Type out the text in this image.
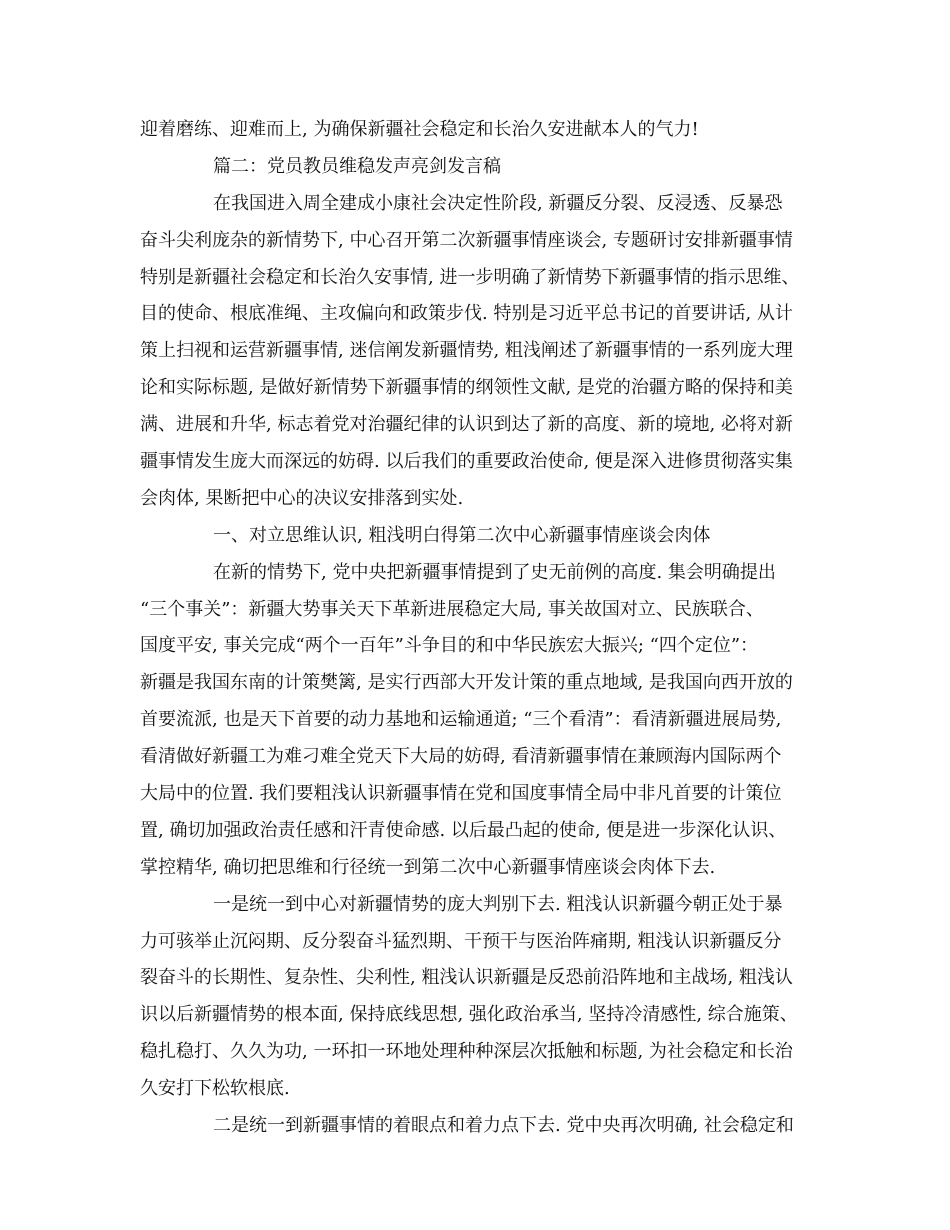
迎着磨练、迎难而上, 为确保新疆社会稳定和长治久安进献本人的气力!
篇二：党员教员维稳发声亮剑发言稿
在我国进入周全建成小康社会决定性阶段, 新疆反分裂、反浸透、反暴恐
奋斗尖利庞杂的新情势下, 中心召开第二次新疆事情座谈会, 专题研讨安排新疆事情
特别是新疆社会稳定和长治久安事情, 进一步明确了新情势下新疆事情的指示思维、
目的使命、根底准绳、主攻偏向和政策步伐. 特别是习近平总书记的首要讲话, 从计
策上扫视和运营新疆事情, 迷信阐发新疆情势, 粗浅阐述了新疆事情的一系列庞大理
论和实际标题, 是做好新情势下新疆事情的纲领性文献, 是党的治疆方略的保持和美
满、进展和升华, 标志着党对治疆纪律的认识到达了新的高度、新的境地, 必将对新
疆事情发生庞大而深远的妨碍. 以后我们的重要政治使命, 便是深入进修贯彻落实集
会肉体, 果断把中心的决议安排落到实处.
一、对立思维认识, 粗浅明白得第二次中心新疆事情座谈会肉体
在新的情势下, 党中央把新疆事情提到了史无前例的高度. 集会明确提出
“三个事关”：新疆大势事关天下革新进展稳定大局, 事关故国对立、民族联合、
国度平安, 事关完成“两个一百年”斗争目的和中华民族宏大振兴; “四个定位”：
新疆是我国东南的计策樊篱, 是实行西部大开发计策的重点地域, 是我国向西开放的
首要流派, 也是天下首要的动力基地和运输通道; “三个看清”：看清新疆进展局势,
看清做好新疆工为难刁难全党天下大局的妨碍, 看清新疆事情在兼顾海内国际两个
大局中的位置. 我们要粗浅认识新疆事情在党和国度事情全局中非凡首要的计策位
置, 确切加强政治责任感和汗青使命感. 以后最凸起的使命, 便是进一步深化认识、
掌控精华, 确切把思维和行径统一到第二次中心新疆事情座谈会肉体下去.
一是统一到中心对新疆情势的庞大判别下去. 粗浅认识新疆今朝正处于暴
力可骇举止沉闷期、反分裂奋斗猛烈期、干预干与医治阵痛期, 粗浅认识新疆反分
裂奋斗的长期性、复杂性、尖利性, 粗浅认识新疆是反恐前沿阵地和主战场, 粗浅认
识以后新疆情势的根本面, 保持底线思想, 强化政治承当, 坚持冷清感性, 综合施策、
稳扎稳打、久久为功, 一环扣一环地处理种种深层次抵触和标题, 为社会稳定和长治
久安打下松软根底.
二是统一到新疆事情的着眼点和着力点下去. 党中央再次明确, 社会稳定和
